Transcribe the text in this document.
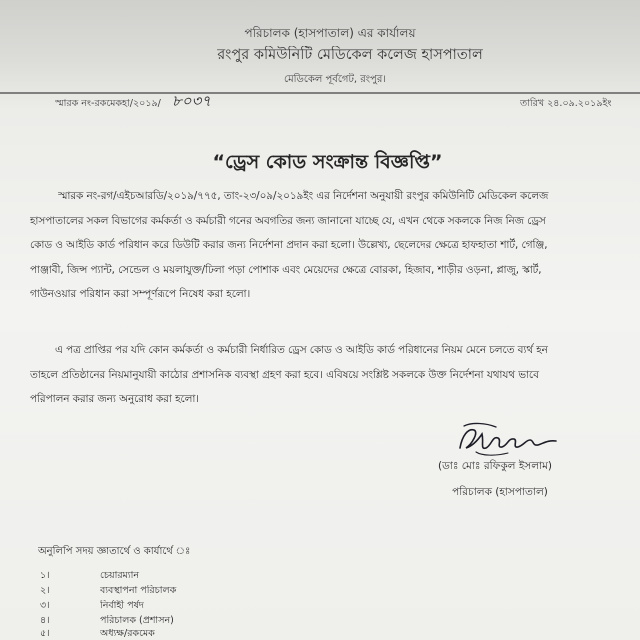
পরিচালক (হাসপাতাল) এর কার্যালয়
রংপুর কমিউনিটি মেডিকেল কলেজ হাসপাতাল
মেডিকেল পূর্বগেট, রংপুর।
স্মারক নং-রকমেকহা/২০১৯/ ৮০৩৭	তারিখ ২৪.০৯.২০১৯ইং
“ড্রেস কোড সংক্রান্ত বিজ্ঞপ্তি”
স্মারক নং-রগ/এইচআরডি/২০১৯/৭৭৫, তাং-২৩/০৯/২০১৯ইং এর নির্দেশনা অনুযায়ী রংপুর কমিউনিটি মেডিকেল কলেজ
হাসপাতালের সকল বিভাগের কর্মকর্তা ও কর্মচারী গনের অবগতির জন্য জানানো যাচ্ছে যে, এখন থেকে সকলকে নিজ নিজ ড্রেস
কোড ও আইডি কার্ড পরিধান করে ডিউটি করার জন্য নির্দেশনা প্রদান করা হলো। উল্লেখ্য, ছেলেদের ক্ষেত্রে হাফহাতা শার্ট, গেঞ্জি,
পাঞ্জাবী, জিন্স প্যান্ট, সেন্ডেল ও ময়লাযুক্ত/ঢিলা পড়া পোশাক এবং মেয়েদের ক্ষেত্রে বোরকা, হিজাব, শাড়ীর ওড়না, প্লাজু, স্কার্ট,
গাউনওয়ার পরিধান করা সম্পূর্ণরূপে নিষেধ করা হলো।
এ পত্র প্রাপ্তির পর যদি কোন কর্মকর্তা ও কর্মচারী নির্ধারিত ড্রেস কোড ও আইডি কার্ড পরিধানের নিয়ম মেনে চলতে ব্যর্থ হন
তাহলে প্রতিষ্ঠানের নিয়মানুযায়ী কাঠোর প্রশাসনিক ব্যবস্থা গ্রহণ করা হবে। এবিষয়ে সংশ্লিষ্ট সকলকে উক্ত নির্দেশনা যথাযথ ভাবে
পরিপালন করার জন্য অনুরোধ করা হলো।
(ডাঃ মোঃ রফিকুল ইসলাম)
পরিচালক (হাসপাতাল)
অনুলিপি সদয় জ্ঞাতার্থে ও কার্যার্থে ঃ
১।	চেয়ারম্যান
২।	ব্যবস্থাপনা পরিচালক
৩।	নির্বাহী পর্ষদ
৪।	পরিচালক (প্রশাসন)
৫।	অধ্যক্ষ/রকমেক
